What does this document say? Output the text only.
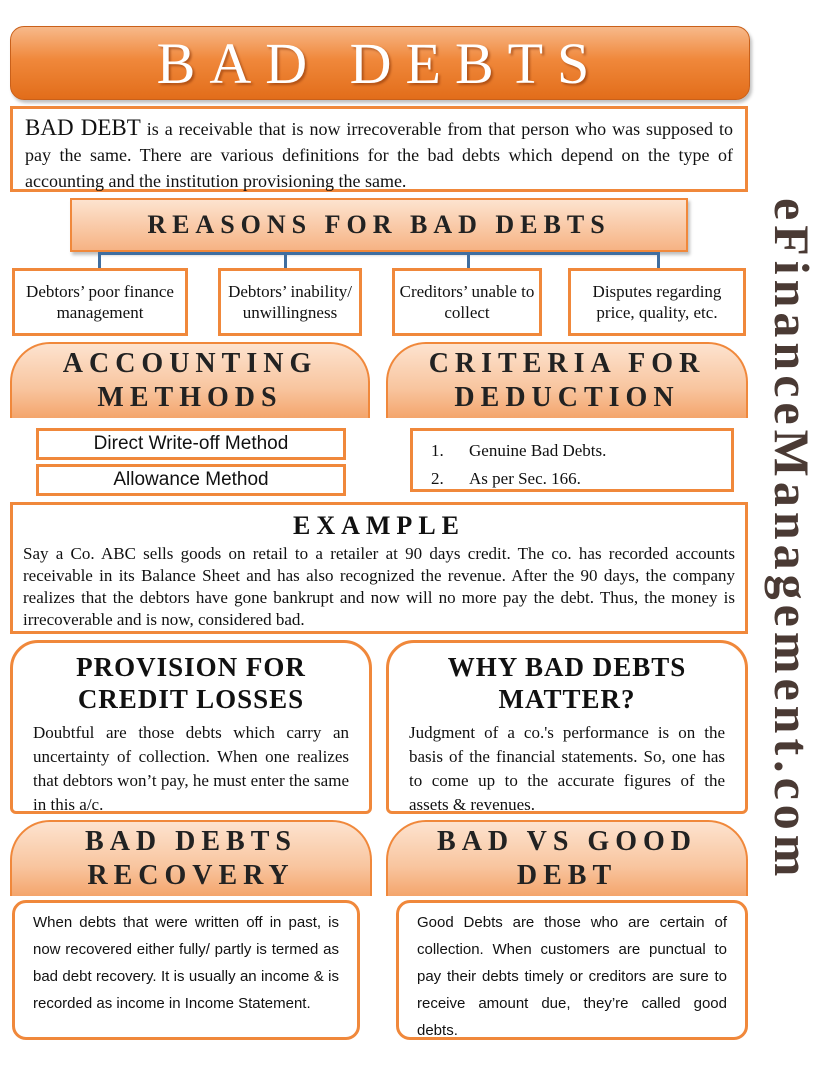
BAD DEBTS
eFinanceManagement.com
BAD DEBT is a receivable that is now irrecoverable from that person who was supposed to pay the same. There are various definitions for the bad debts which depend on the type of accounting and the institution provisioning the same.
REASONS FOR BAD DEBTS
Debtors’ poor finance management
Debtors’ inability/ unwillingness
Creditors’ unable to collect
Disputes regarding price, quality, etc.
ACCOUNTING
METHODS
Direct Write-off Method
Allowance Method
CRITERIA FOR
DEDUCTION
1.	Genuine Bad Debts.
2.	As per Sec. 166.
EXAMPLE
Say a Co. ABC sells goods on retail to a retailer at 90 days credit. The co. has recorded accounts receivable in its Balance Sheet and has also recognized the revenue. After the 90 days, the company realizes that the debtors have gone bankrupt and now will no more pay the debt. Thus, the money is irrecoverable and is now, considered bad.
PROVISION FOR
CREDIT LOSSES
Doubtful are those debts which carry an uncertainty of collection. When one realizes that debtors won’t pay, he must enter the same in this a/c.
WHY BAD DEBTS
MATTER?
Judgment of a co.'s performance is on the basis of the financial statements. So, one has to come up to the accurate figures of the assets & revenues.
BAD DEBTS
RECOVERY
When debts that were written off in past, is now recovered either fully/ partly is termed as bad debt recovery. It is usually an income & is recorded as income in Income Statement.
BAD VS GOOD
DEBT
Good Debts are those who are certain of collection. When customers are punctual to pay their debts timely or creditors are sure to receive amount due, they’re called good debts.
